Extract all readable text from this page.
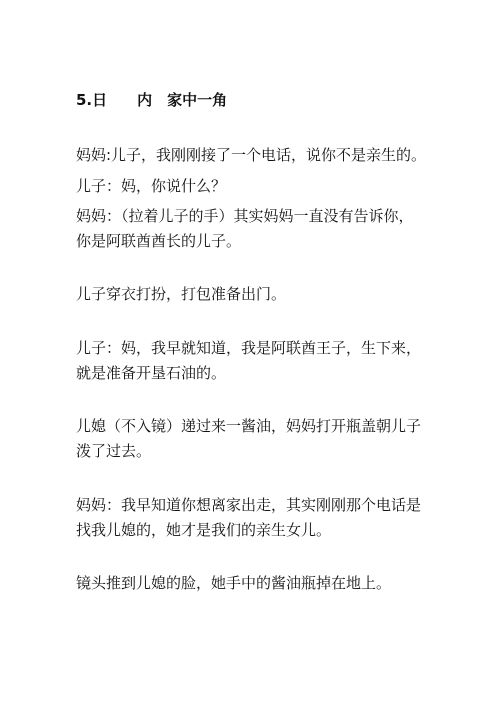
5.日　　内　家中一角
妈妈:儿子，我刚刚接了一个电话，说你不是亲生的。
儿子：妈，你说什么？
妈妈：（拉着儿子的手）其实妈妈一直没有告诉你，
你是阿联酋酋长的儿子。
儿子穿衣打扮，打包准备出门。
儿子：妈，我早就知道，我是阿联酋王子，生下来，
就是准备开垦石油的。
儿媳（不入镜）递过来一酱油，妈妈打开瓶盖朝儿子
泼了过去。
妈妈：我早知道你想离家出走，其实刚刚那个电话是
找我儿媳的，她才是我们的亲生女儿。
镜头推到儿媳的脸，她手中的酱油瓶掉在地上。
